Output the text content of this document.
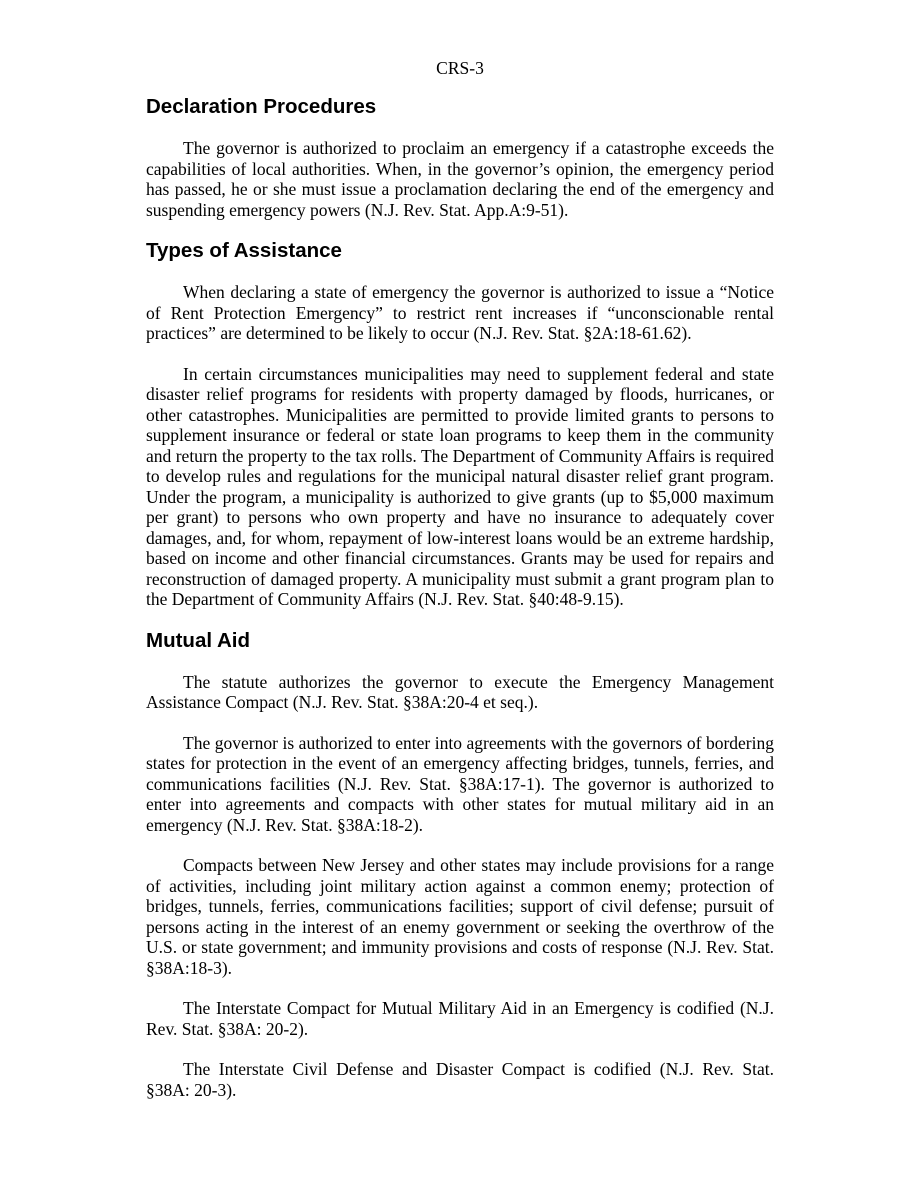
CRS-3
Declaration Procedures

The governor is authorized to proclaim an emergency if a catastrophe exceeds the capabilities of local authorities. When, in the governor’s opinion, the emergency period has passed, he or she must issue a proclamation declaring the end of the emergency and suspending emergency powers (N.J. Rev. Stat. App.A:9-51).

Types of Assistance

When declaring a state of emergency the governor is authorized to issue a “Notice of Rent Protection Emergency” to restrict rent increases if “unconscionable rental practices” are determined to be likely to occur (N.J. Rev. Stat. §2A:18-61.62).

In certain circumstances municipalities may need to supplement federal and state disaster relief programs for residents with property damaged by floods, hurricanes, or other catastrophes. Municipalities are permitted to provide limited grants to persons to supplement insurance or federal or state loan programs to keep them in the community and return the property to the tax rolls. The Department of Community Affairs is required to develop rules and regulations for the municipal natural disaster relief grant program. Under the program, a municipality is authorized to give grants (up to $5,000 maximum per grant) to persons who own property and have no insurance to adequately cover damages, and, for whom, repayment of low-interest loans would be an extreme hardship, based on income and other financial circumstances. Grants may be used for repairs and reconstruction of damaged property. A municipality must submit a grant program plan to the Department of Community Affairs (N.J. Rev. Stat. §40:48-9.15).

Mutual Aid

The statute authorizes the governor to execute the Emergency Management Assistance Compact (N.J. Rev. Stat. §38A:20-4 et seq.).

The governor is authorized to enter into agreements with the governors of bordering states for protection in the event of an emergency affecting bridges, tunnels, ferries, and communications facilities (N.J. Rev. Stat. §38A:17-1). The governor is authorized to enter into agreements and compacts with other states for mutual military aid in an emergency (N.J. Rev. Stat. §38A:18-2).

Compacts between New Jersey and other states may include provisions for a range of activities, including joint military action against a common enemy; protection of bridges, tunnels, ferries, communications facilities; support of civil defense; pursuit of persons acting in the interest of an enemy government or seeking the overthrow of the U.S. or state government; and immunity provisions and costs of response (N.J. Rev. Stat. §38A:18-3).

The Interstate Compact for Mutual Military Aid in an Emergency is codified (N.J. Rev. Stat. §38A: 20-2).

The Interstate Civil Defense and Disaster Compact is codified (N.J. Rev. Stat. §38A: 20-3).
